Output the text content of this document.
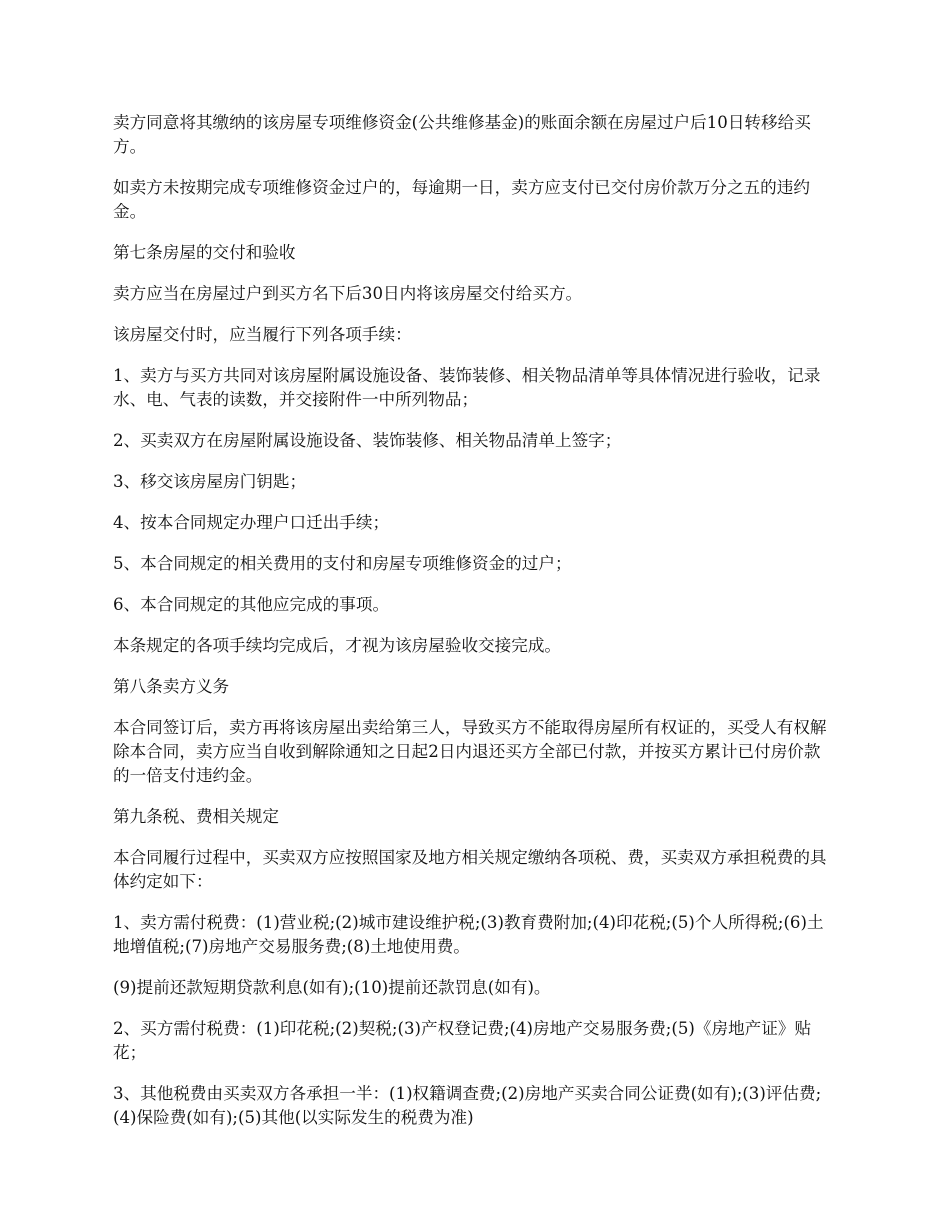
卖方同意将其缴纳的该房屋专项维修资金(公共维修基金)的账面余额在房屋过户后10日转移给买方。

如卖方未按期完成专项维修资金过户的，每逾期一日，卖方应支付已交付房价款万分之五的违约金。

第七条房屋的交付和验收

卖方应当在房屋过户到买方名下后30日内将该房屋交付给买方。

该房屋交付时，应当履行下列各项手续：

1、卖方与买方共同对该房屋附属设施设备、装饰装修、相关物品清单等具体情况进行验收，记录水、电、气表的读数，并交接附件一中所列物品；

2、买卖双方在房屋附属设施设备、装饰装修、相关物品清单上签字；

3、移交该房屋房门钥匙；

4、按本合同规定办理户口迁出手续；

5、本合同规定的相关费用的支付和房屋专项维修资金的过户；

6、本合同规定的其他应完成的事项。

本条规定的各项手续均完成后，才视为该房屋验收交接完成。

第八条卖方义务

本合同签订后，卖方再将该房屋出卖给第三人，导致买方不能取得房屋所有权证的，买受人有权解除本合同，卖方应当自收到解除通知之日起2日内退还买方全部已付款，并按买方累计已付房价款的一倍支付违约金。

第九条税、费相关规定

本合同履行过程中，买卖双方应按照国家及地方相关规定缴纳各项税、费，买卖双方承担税费的具体约定如下：

1、卖方需付税费：(1)营业税;(2)城市建设维护税;(3)教育费附加;(4)印花税;(5)个人所得税;(6)土地增值税;(7)房地产交易服务费;(8)土地使用费。

(9)提前还款短期贷款利息(如有);(10)提前还款罚息(如有)。

2、买方需付税费：(1)印花税;(2)契税;(3)产权登记费;(4)房地产交易服务费;(5)《房地产证》贴花；

3、其他税费由买卖双方各承担一半：(1)权籍调查费;(2)房地产买卖合同公证费(如有);(3)评估费;(4)保险费(如有);(5)其他(以实际发生的税费为准)
